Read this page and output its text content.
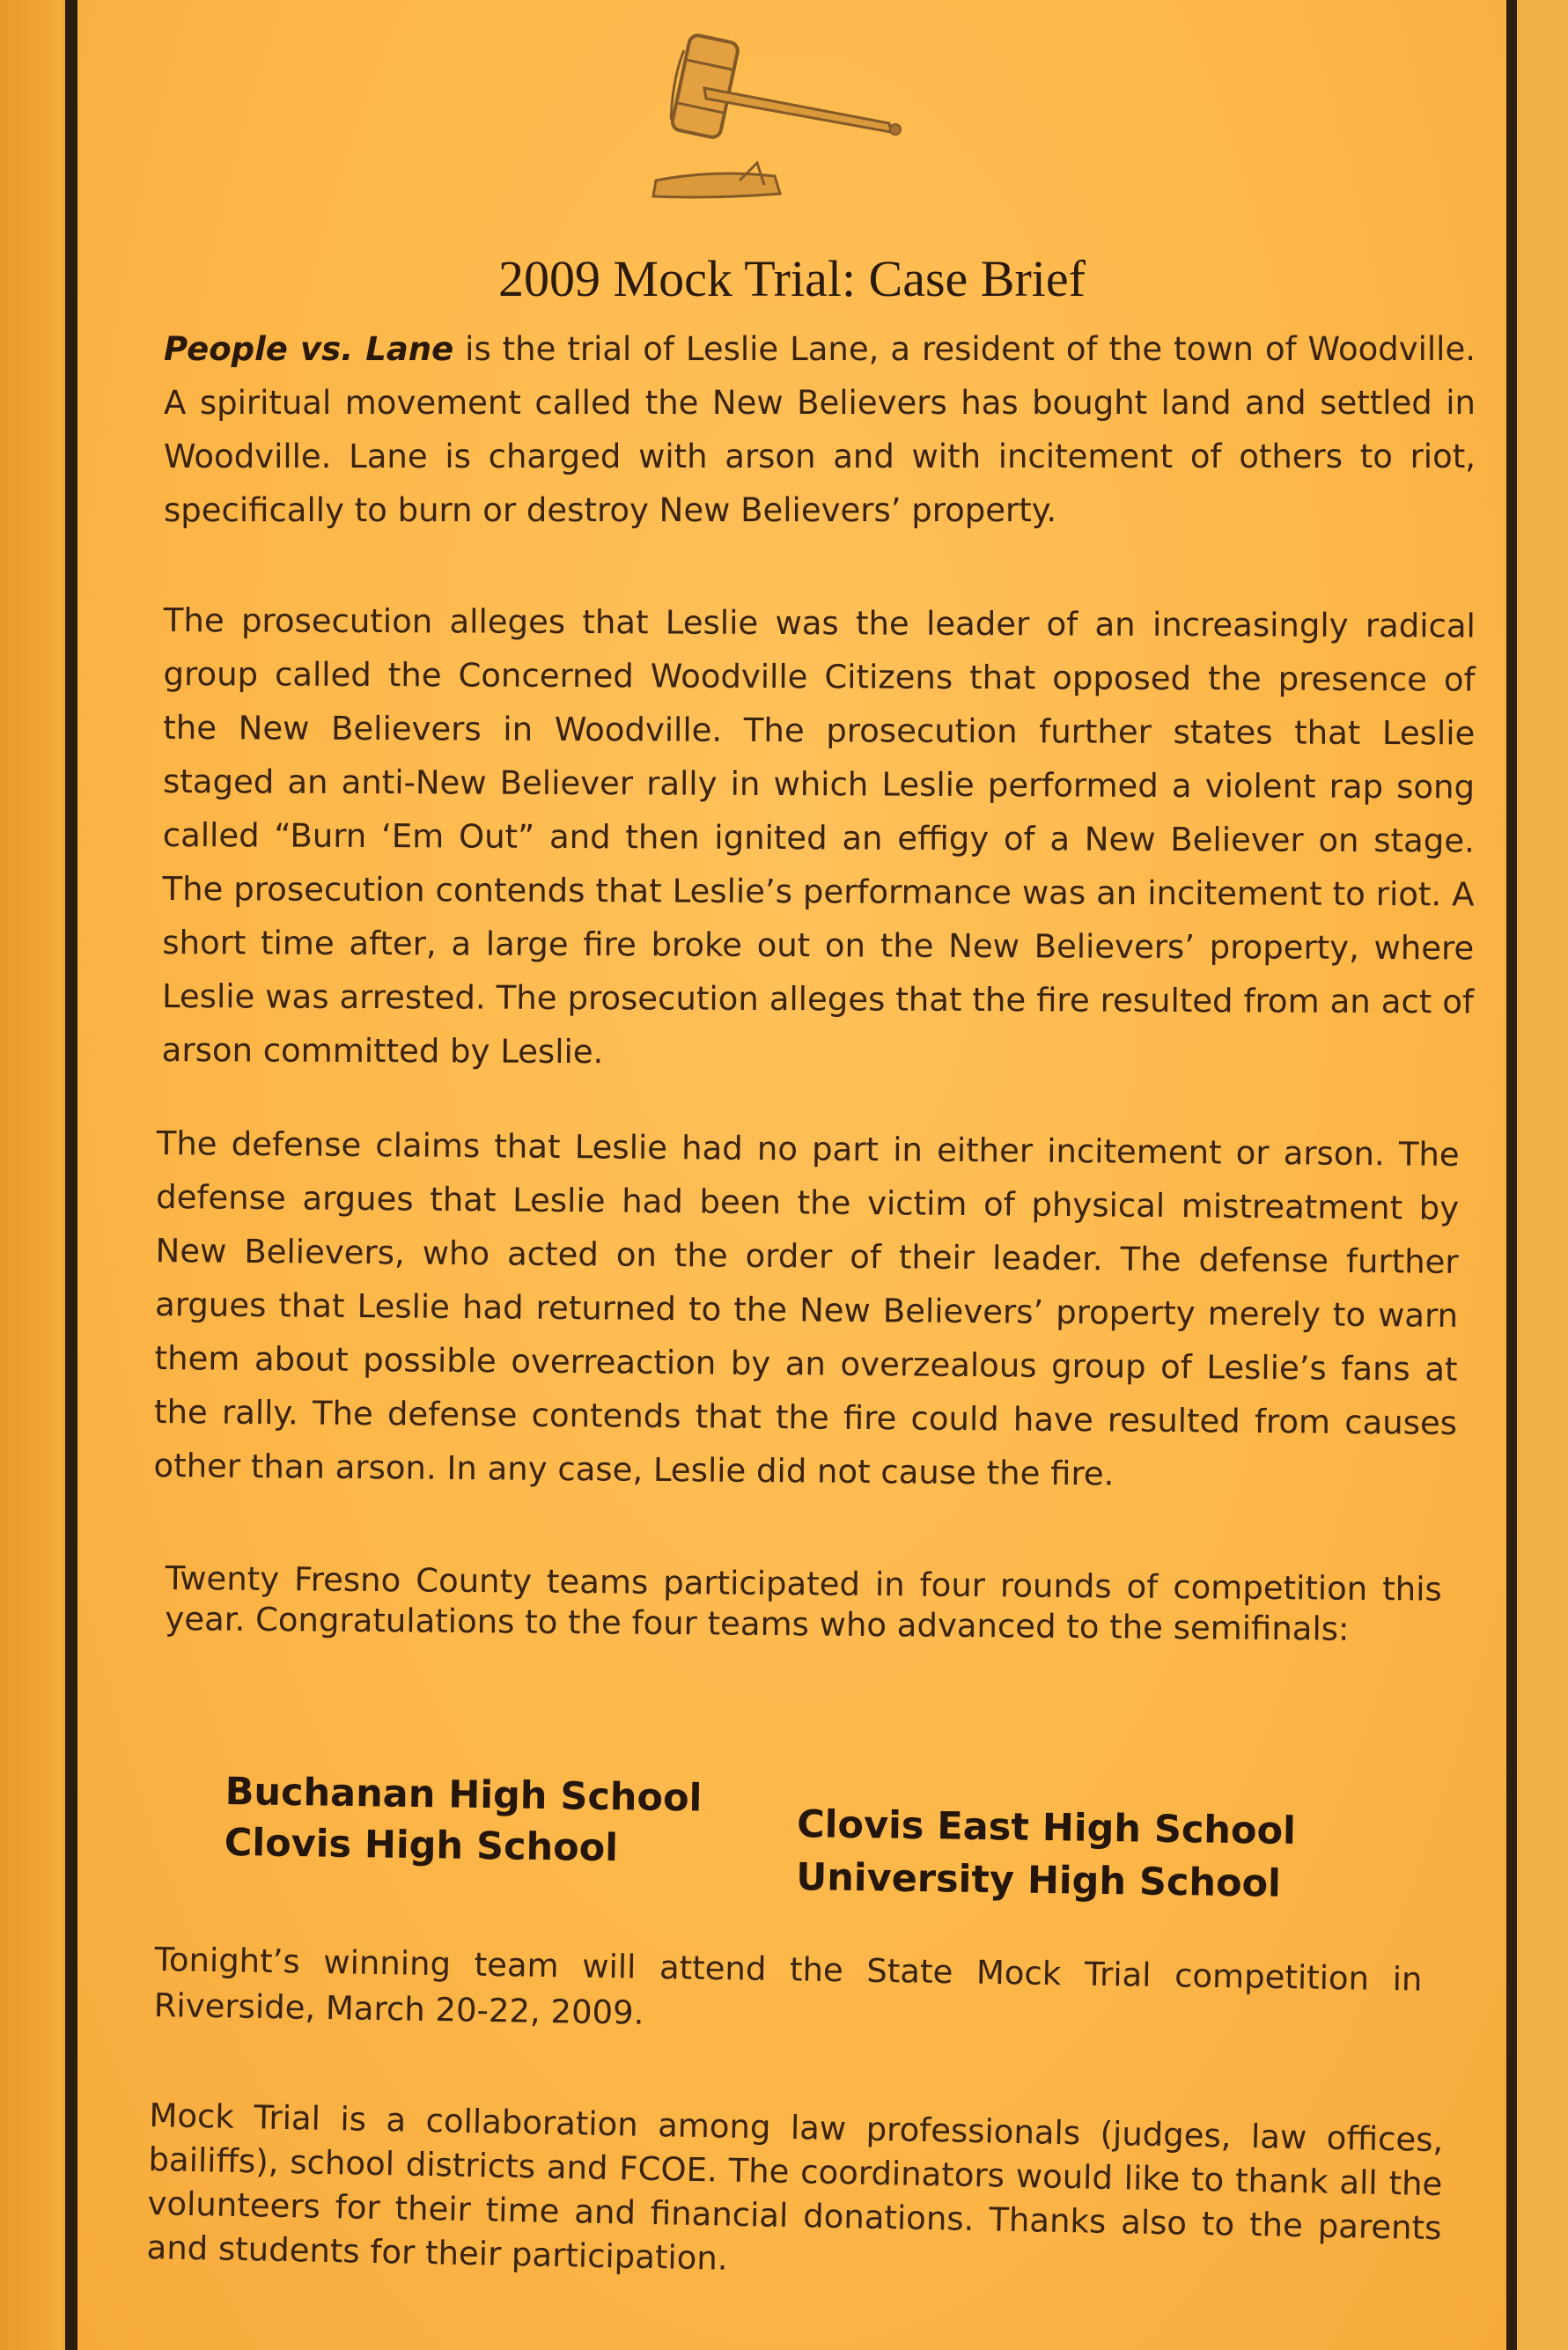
2009 Mock Trial: Case Brief

People vs. Lane is the trial of Leslie Lane, a resident of the town of Woodville. A spiritual movement called the New Believers has bought land and settled in Woodville. Lane is charged with arson and with incitement of others to riot, specifically to burn or destroy New Believers’ property.

The prosecution alleges that Leslie was the leader of an increasingly radical group called the Concerned Woodville Citizens that opposed the presence of the New Believers in Woodville. The prosecution further states that Leslie staged an anti-New Believer rally in which Leslie performed a violent rap song called “Burn ‘Em Out” and then ignited an effigy of a New Believer on stage. The prosecution contends that Leslie’s performance was an incitement to riot. A short time after, a large fire broke out on the New Believers’ property, where Leslie was arrested. The prosecution alleges that the fire resulted from an act of arson committed by Leslie.

The defense claims that Leslie had no part in either incitement or arson. The defense argues that Leslie had been the victim of physical mistreatment by New Believers, who acted on the order of their leader. The defense further argues that Leslie had returned to the New Believers’ property merely to warn them about possible overreaction by an overzealous group of Leslie’s fans at the rally. The defense contends that the fire could have resulted from causes other than arson. In any case, Leslie did not cause the fire.

Twenty Fresno County teams participated in four rounds of competition this year. Congratulations to the four teams who advanced to the semifinals:

Buchanan High School

Clovis High School	Clovis East High School

University High School

Tonight’s winning team will attend the State Mock Trial competition in Riverside, March 20-22, 2009.

Mock Trial is a collaboration among law professionals (judges, law offices, bailiffs), school districts and FCOE. The coordinators would like to thank all the volunteers for their time and financial donations. Thanks also to the parents and students for their participation.
